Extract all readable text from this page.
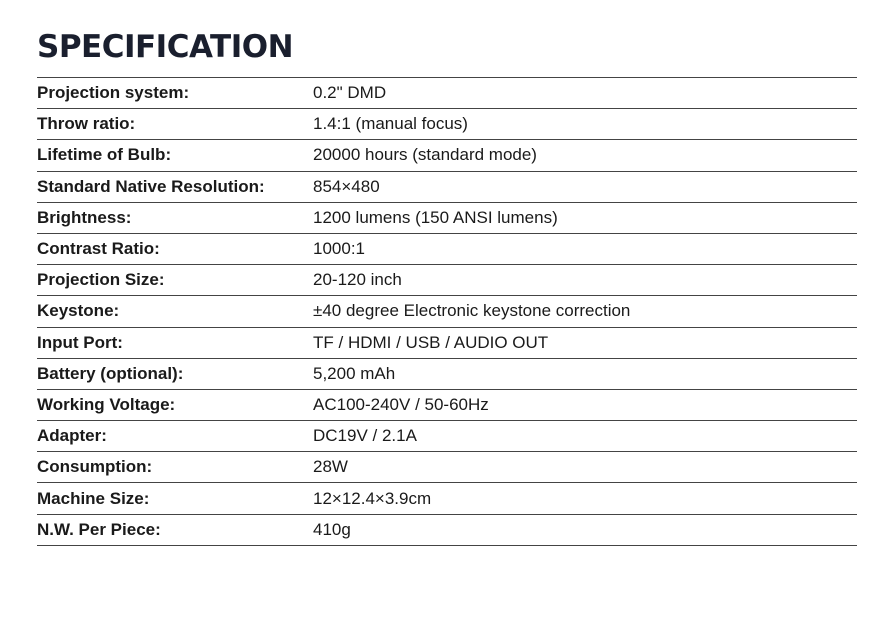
SPECIFICATION
Projection system:	0.2" DMD
Throw ratio:	1.4:1 (manual focus)
Lifetime of Bulb:	20000 hours (standard mode)
Standard Native Resolution:	854×480
Brightness:	1200 lumens (150 ANSI lumens)
Contrast Ratio:	1000:1
Projection Size:	20-120 inch
Keystone:	±40 degree Electronic keystone correction
Input Port:	TF / HDMI / USB / AUDIO OUT
Battery (optional):	5,200 mAh
Working Voltage:	AC100-240V / 50-60Hz
Adapter:	DC19V / 2.1A
Consumption:	28W
Machine Size:	12×12.4×3.9cm
N.W. Per Piece:	410g
